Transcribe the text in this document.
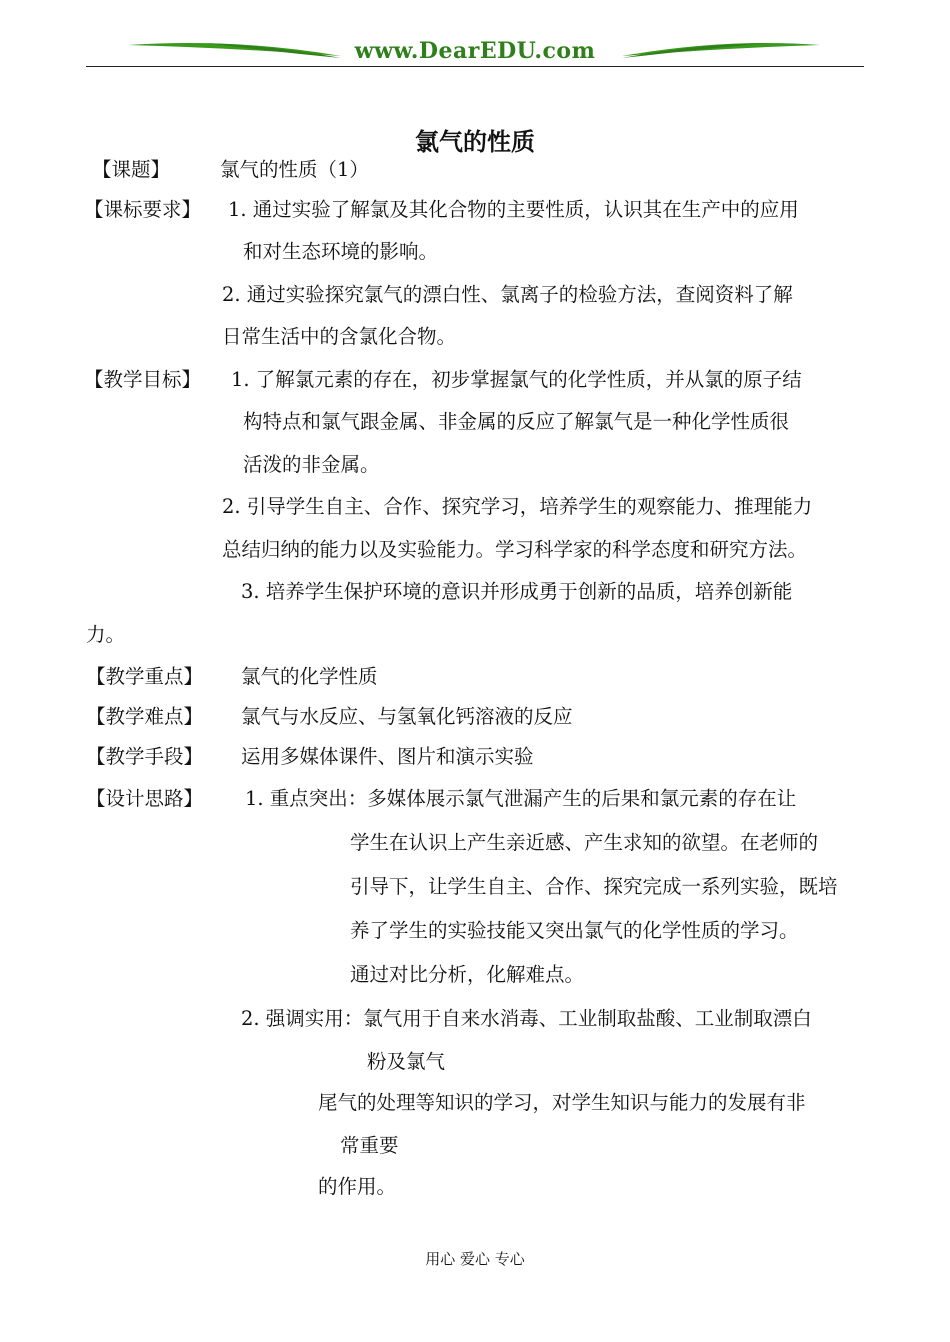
www.DearEDU.com
氯气的性质
【课题】	氯气的性质（1）
【课标要求】 1. 通过实验了解氯及其化合物的主要性质，认识其在生产中的应用
和对生态环境的影响。
2. 通过实验探究氯气的漂白性、氯离子的检验方法，查阅资料了解
日常生活中的含氯化合物。
【教学目标】 1. 了解氯元素的存在，初步掌握氯气的化学性质，并从氯的原子结
构特点和氯气跟金属、非金属的反应了解氯气是一种化学性质很
活泼的非金属。
2. 引导学生自主、合作、探究学习，培养学生的观察能力、推理能力
总结归纳的能力以及实验能力。学习科学家的科学态度和研究方法。
3. 培养学生保护环境的意识并形成勇于创新的品质，培养创新能
力。
【教学重点】 氯气的化学性质
【教学难点】 氯气与水反应、与氢氧化钙溶液的反应
【教学手段】 运用多媒体课件、图片和演示实验
【设计思路】 1. 重点突出：多媒体展示氯气泄漏产生的后果和氯元素的存在让
学生在认识上产生亲近感、产生求知的欲望。在老师的
引导下，让学生自主、合作、探究完成一系列实验，既培
养了学生的实验技能又突出氯气的化学性质的学习。
通过对比分析，化解难点。
2. 强调实用：氯气用于自来水消毒、工业制取盐酸、工业制取漂白
粉及氯气
尾气的处理等知识的学习，对学生知识与能力的发展有非
常重要
的作用。
用心 爱心 专心
